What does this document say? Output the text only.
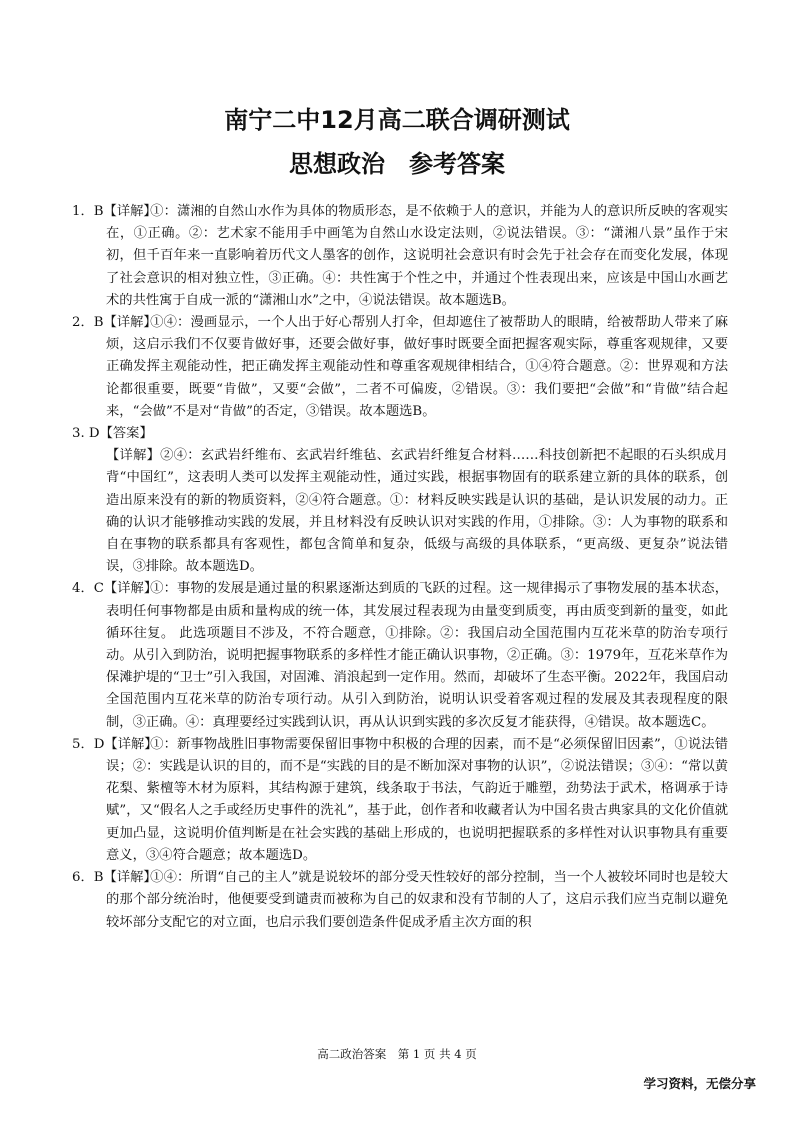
南宁二中12月高二联合调研测试
思想政治　参考答案
1．B【详解】
①：潇湘的自然山水作为具体的物质形态，是不依赖于人的意识，并能为人的意识所反映的客观实在，①正确。②：艺术家不能用手中画笔为自然山水设定法则，②说法错误。③：“潇湘八景”虽作于宋初，但千百年来一直影响着历代文人墨客的创作，这说明社会意识有时会先于社会存在而变化发展，体现了社会意识的相对独立性，③正确。④：共性寓于个性之中，并通过个性表现出来，应该是中国山水画艺术的共性寓于自成一派的“潇湘山水”之中，④说法错误。故本题选B。
2．B【详解】
①④：漫画显示，一个人出于好心帮别人打伞，但却遮住了被帮助人的眼睛，给被帮助人带来了麻烦，这启示我们不仅要肯做好事，还要会做好事，做好事时既要全面把握客观实际，尊重客观规律，又要正确发挥主观能动性，把正确发挥主观能动性和尊重客观规律相结合，①④符合题意。②：世界观和方法论都很重要，既要“肯做”，又要“会做”，二者不可偏废，②错误。③：我们要把“会做”和“肯做”结合起来，“会做”不是对“肯做”的否定，③错误。故本题选B。
3. D【答案】

【详解】②④：玄武岩纤维布、玄武岩纤维毡、玄武岩纤维复合材料……科技创新把不起眼的石头织成月背“中国红”，这表明人类可以发挥主观能动性，通过实践，根据事物固有的联系建立新的具体的联系，创造出原来没有的新的物质资料，②④符合题意。①：材料反映实践是认识的基础，是认识发展的动力。正确的认识才能够推动实践的发展，并且材料没有反映认识对实践的作用，①排除。③：人为事物的联系和自在事物的联系都具有客观性，都包含简单和复杂，低级与高级的具体联系，“更高级、更复杂”说法错误，③排除。故本题选D。
4．C【详解】
①：事物的发展是通过量的积累逐渐达到质的飞跃的过程。这一规律揭示了事物发展的基本状态，表明任何事物都是由质和量构成的统一体，其发展过程表现为由量变到质变，再由质变到新的量变，如此循环往复。 此选项题目不涉及，不符合题意，①排除。②：我国启动全国范围内互花米草的防治专项行动。从引入到防治，说明把握事物联系的多样性才能正确认识事物，②正确。③：1979年，互花米草作为保滩护堤的“卫士”引入我国，对固滩、消浪起到一定作用。然而，却破坏了生态平衡。2022年，我国启动全国范围内互花米草的防治专项行动。从引入到防治，说明认识受着客观过程的发展及其表现程度的限制，③正确。④：真理要经过实践到认识，再从认识到实践的多次反复才能获得，④错误。故本题选C。
5．D【详解】
①：新事物战胜旧事物需要保留旧事物中积极的合理的因素，而不是“必须保留旧因素”，①说法错误；②：实践是认识的目的，而不是“实践的目的是不断加深对事物的认识”，②说法错误；③④：“常以黄花梨、紫檀等木材为原料，其结构源于建筑，线条取于书法，气韵近于雕塑，劲势法于武术，格调承于诗赋”，又“假名人之手或经历史事件的洗礼”，基于此，创作者和收藏者认为中国名贵古典家具的文化价值就更加凸显，这说明价值判断是在社会实践的基础上形成的，也说明把握联系的多样性对认识事物具有重要意义，③④符合题意；故本题选D。
6．B【详解】
①④：所谓“自己的主人”就是说较坏的部分受天性较好的部分控制，当一个人被较坏同时也是较大的那个部分统治时，他便要受到谴责而被称为自己的奴隶和没有节制的人了，这启示我们应当克制以避免较坏部分支配它的对立面，也启示我们要创造条件促成矛盾主次方面的积
高二政治答案　第 1 页 共 4 页
学习资料，无偿分享
